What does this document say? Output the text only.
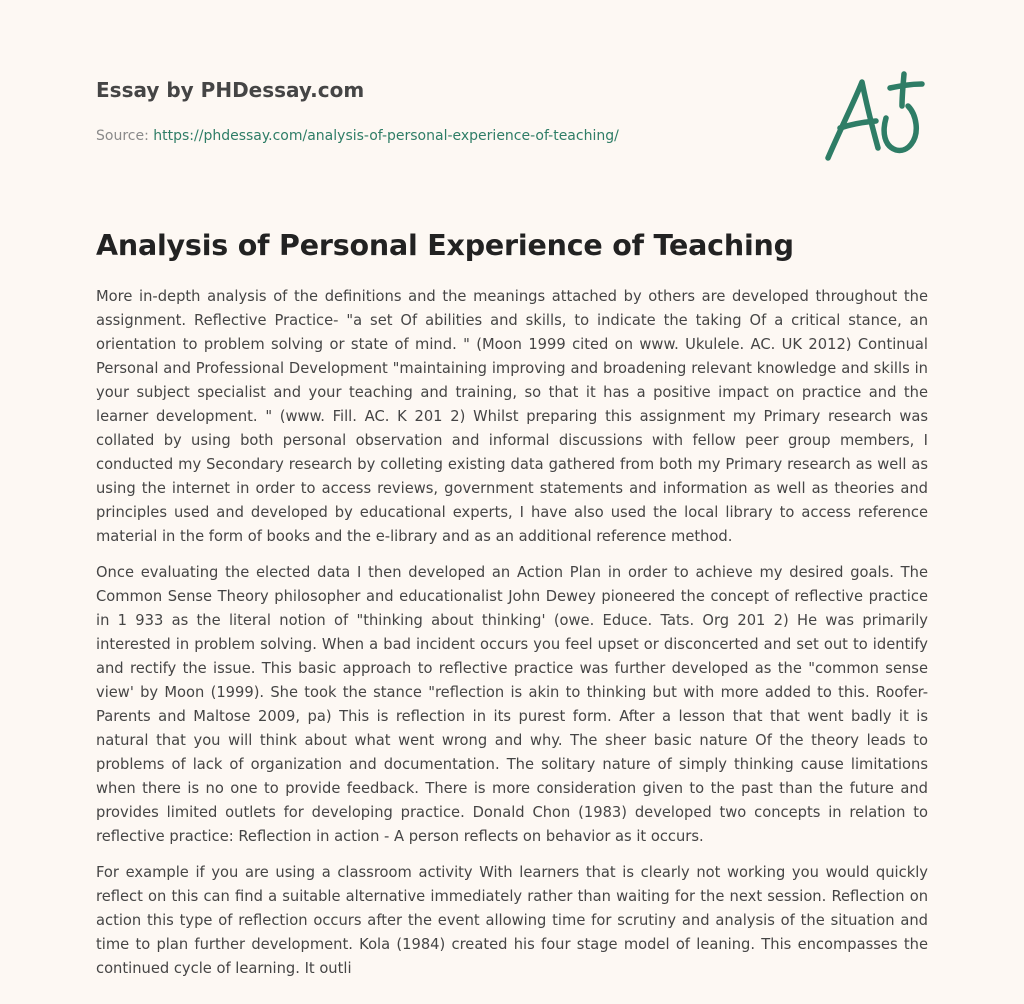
Essay by PHDessay.com
Source: https://phdessay.com/analysis-of-personal-experience-of-teaching/
Analysis of Personal Experience of Teaching

More in-depth analysis of the definitions and the meanings attached by others are developed throughout the assignment. Reflective Practice- "a set Of abilities and skills, to indicate the taking Of a critical stance, an orientation to problem solving or state of mind. " (Moon 1999 cited on www. Ukulele. AC. UK 2012) Continual Personal and Professional Development "maintaining improving and broadening relevant knowledge and skills in your subject specialist and your teaching and training, so that it has a positive impact on practice and the learner development. " (www. Fill. AC. K 201 2) Whilst preparing this assignment my Primary research was collated by using both personal observation and informal discussions with fellow peer group members, I conducted my Secondary research by colleting existing data gathered from both my Primary research as well as using the internet in order to access reviews, government statements and information as well as theories and principles used and developed by educational experts, I have also used the local library to access reference material in the form of books and the e-library and as an additional reference method.

Once evaluating the elected data I then developed an Action Plan in order to achieve my desired goals. The Common Sense Theory philosopher and educationalist John Dewey pioneered the concept of reflective practice in 1 933 as the literal notion of "thinking about thinking' (owe. Educe. Tats. Org 201 2) He was primarily interested in problem solving. When a bad incident occurs you feel upset or disconcerted and set out to identify and rectify the issue. This basic approach to reflective practice was further developed as the "common sense view' by Moon (1999). She took the stance "reflection is akin to thinking but with more added to this. Roofer-Parents and Maltose 2009, pa) This is reflection in its purest form. After a lesson that that went badly it is natural that you will think about what went wrong and why. The sheer basic nature Of the theory leads to problems of lack of organization and documentation. The solitary nature of simply thinking cause limitations when there is no one to provide feedback. There is more consideration given to the past than the future and provides limited outlets for developing practice. Donald Chon (1983) developed two concepts in relation to reflective practice: Reflection in action - A person reflects on behavior as it occurs.

For example if you are using a classroom activity With learners that is clearly not working you would quickly reflect on this can find a suitable alternative immediately rather than waiting for the next session. Reflection on action this type of reflection occurs after the event allowing time for scrutiny and analysis of the situation and time to plan further development. Kola (1984) created his four stage model of leaning. This encompasses the continued cycle of learning. It outli
